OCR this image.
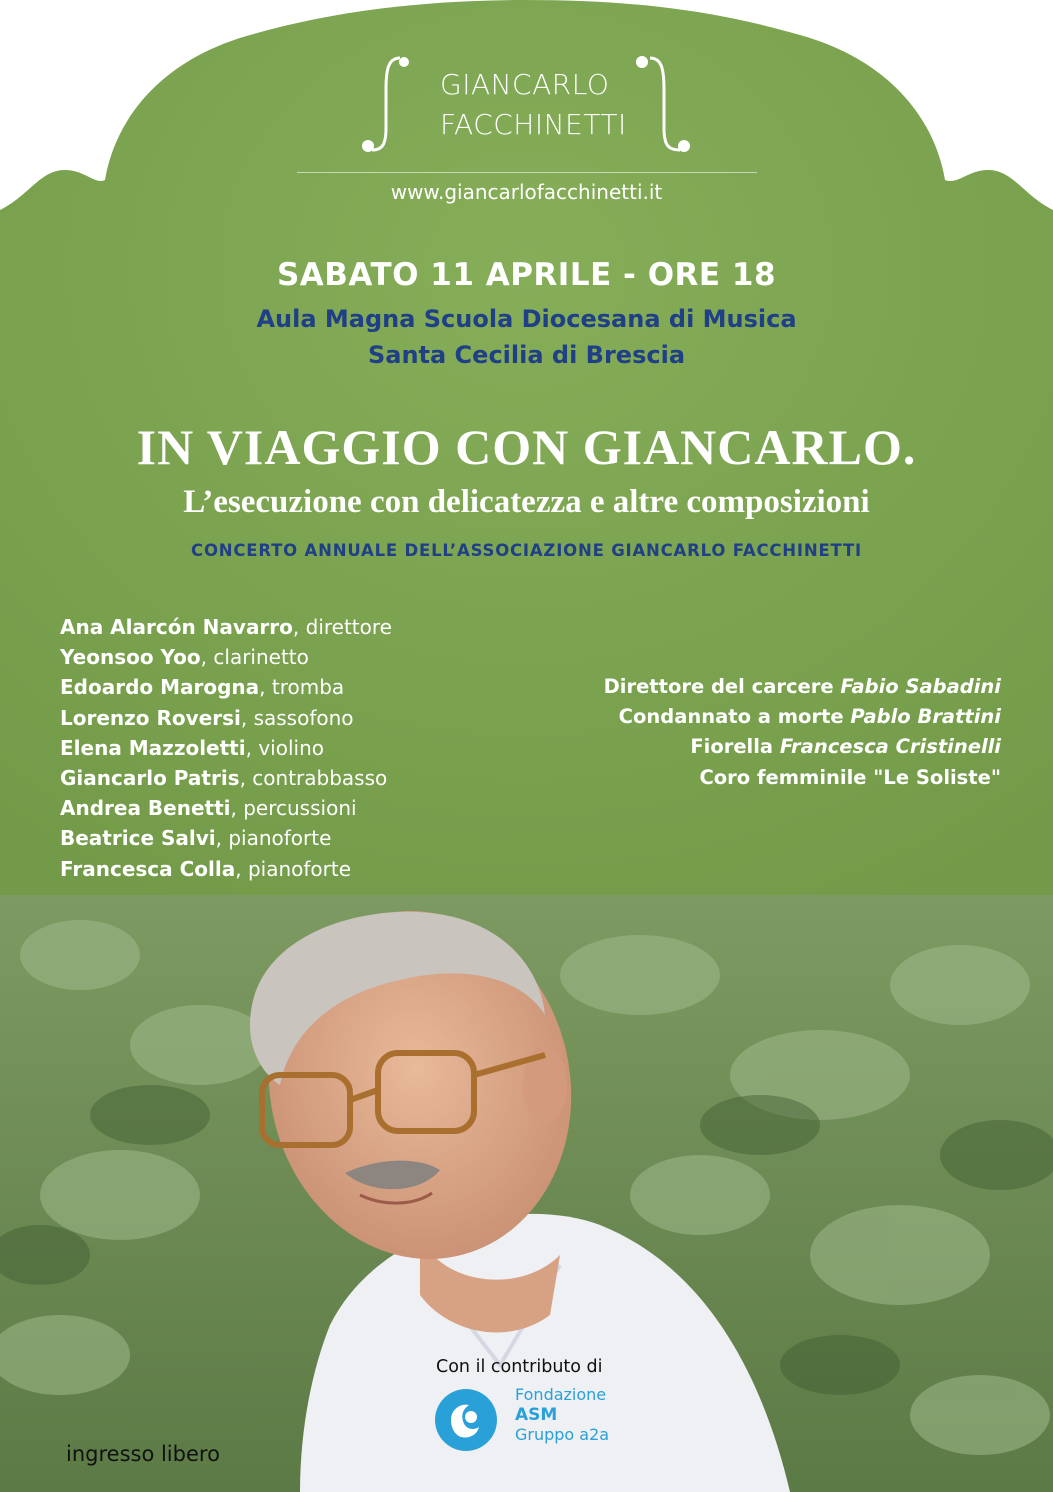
GIANCARLO
FACCHINETTI
www.giancarlofacchinetti.it
SABATO 11 APRILE - ORE 18
Aula Magna Scuola Diocesana di Musica
Santa Cecilia di Brescia
IN VIAGGIO CON GIANCARLO.
L’esecuzione con delicatezza e altre composizioni
CONCERTO ANNUALE DELL’ASSOCIAZIONE GIANCARLO FACCHINETTI
Ana Alarcón Navarro, direttore
Yeonsoo Yoo, clarinetto
Edoardo Marogna, tromba
Lorenzo Roversi, sassofono
Elena Mazzoletti, violino
Giancarlo Patris, contrabbasso
Andrea Benetti, percussioni
Beatrice Salvi, pianoforte
Francesca Colla, pianoforte
Direttore del carcere Fabio Sabadini
Condannato a morte Pablo Brattini
Fiorella Francesca Cristinelli
Coro femminile "Le Soliste"
Con il contributo di
Fondazione
ASM
Gruppo a2a
ingresso libero
